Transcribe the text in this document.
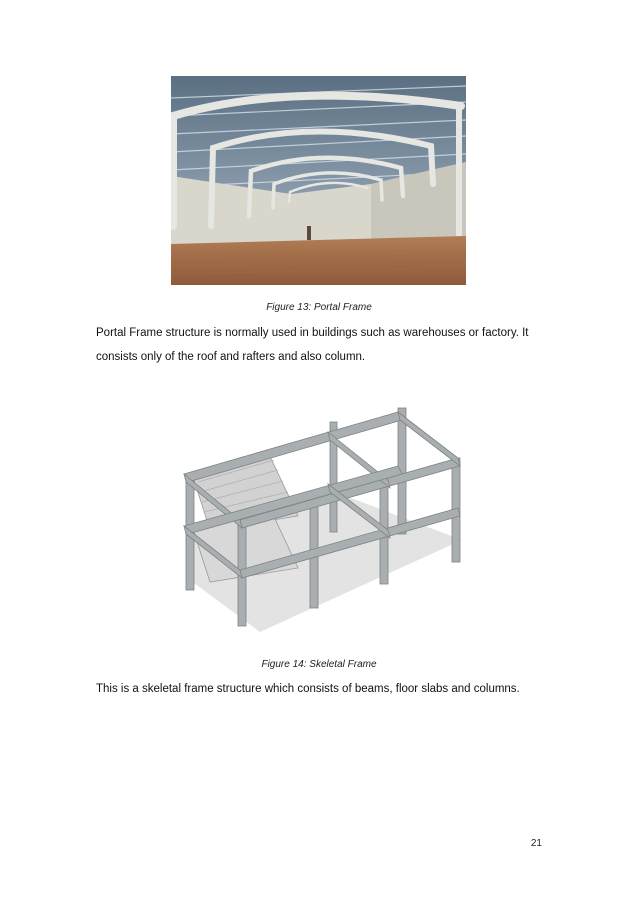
Figure 13: Portal Frame

Portal Frame structure is normally used in buildings such as warehouses or factory. It
consists only of the roof and rafters and also column.

Figure 14: Skeletal Frame

This is a skeletal frame structure which consists of beams, floor slabs and columns.

21
